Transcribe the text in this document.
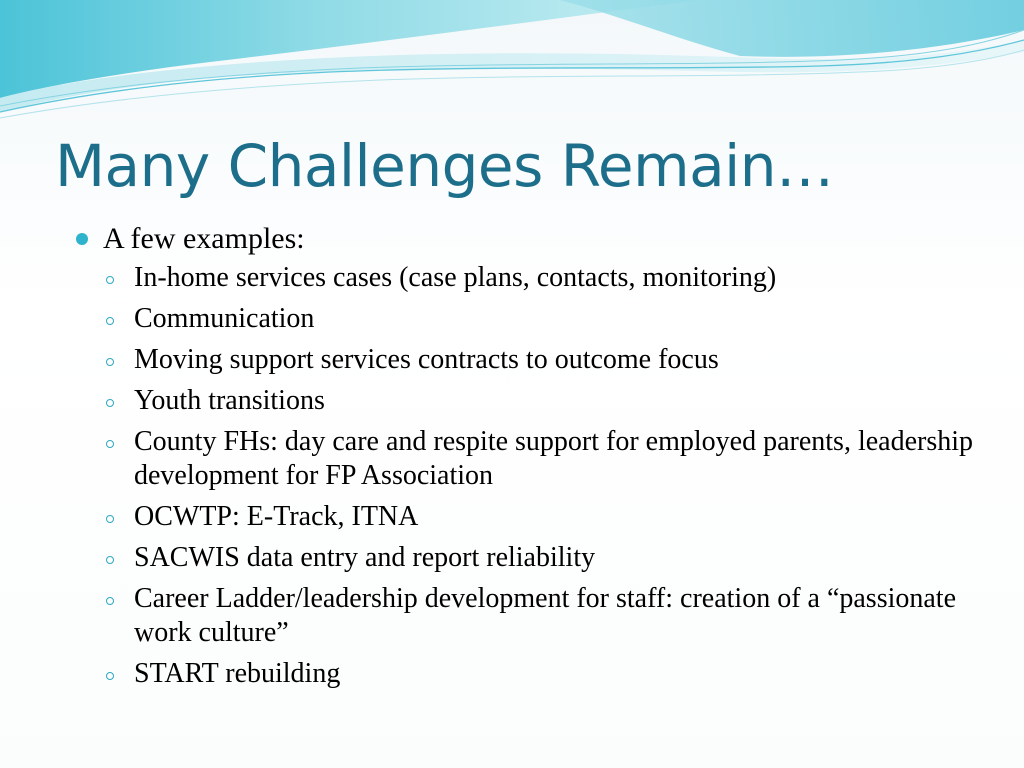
Many Challenges Remain…
A few examples:
In-home services cases (case plans, contacts, monitoring)
Communication
Moving support services contracts to outcome focus
Youth transitions
County FHs: day care and respite support for employed parents, leadership development for FP Association
OCWTP: E-Track, ITNA
SACWIS data entry and report reliability
Career Ladder/leadership development for staff: creation of a “passionate work culture”
START rebuilding
